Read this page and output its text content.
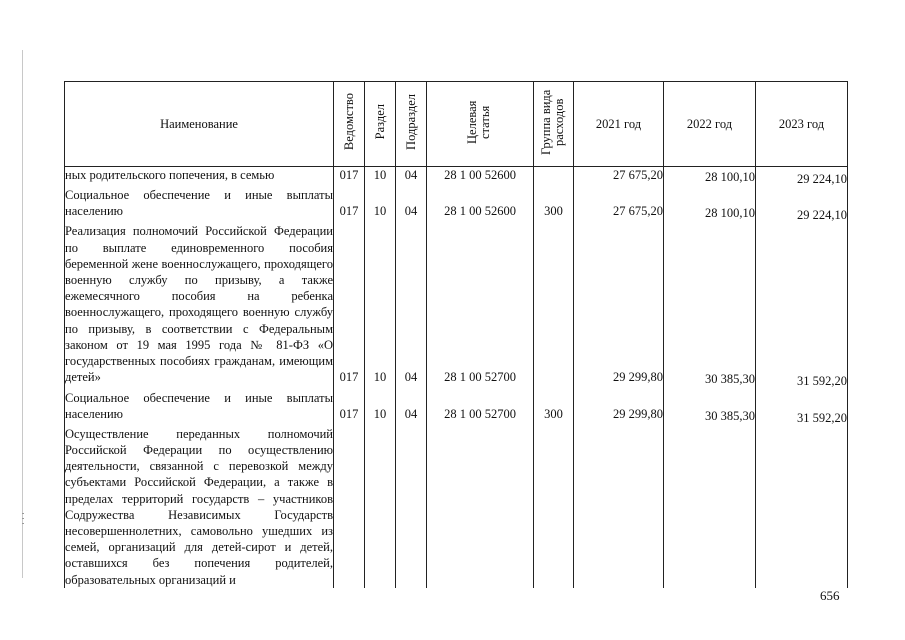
Наименование	Ведомство	Раздел	Подраздел	Целевая статья	Группа вида расходов	2021 год	2022 год	2023 год
ных родительского попечения, в семью	017	10	04	28 1 00 52600		27 675,20	28 100,10	29 224,10

Социальное обеспечение и иные выплаты населению	017	10	04	28 1 00 52600	300	27 675,20	28 100,10	29 224,10

Реализация полномочий Российской Федерации по выплате единовременного пособия беременной жене военнослужащего, проходящего военную службу по призыву, а также ежемесячного пособия на ребенка военнослужащего, проходящего военную службу по призыву, в соответствии с Федеральным законом от 19 мая 1995 года № 81-ФЗ «О государственных пособиях гражданам, имеющим детей»	017	10	04	28 1 00 52700		29 299,80	30 385,30	31 592,20

Социальное обеспечение и иные выплаты населению	017	10	04	28 1 00 52700	300	29 299,80	30 385,30	31 592,20

Осуществление переданных полномочий Российской Федерации по осуществлению деятельности, связанной с перевозкой между субъектами Российской Федерации, а также в пределах территорий государств – участников Содружества Независимых Государств несовершеннолетних, самовольно ушедших из семей, организаций для детей-сирот и детей, оставшихся без попечения родителей, образовательных организаций и								
656
